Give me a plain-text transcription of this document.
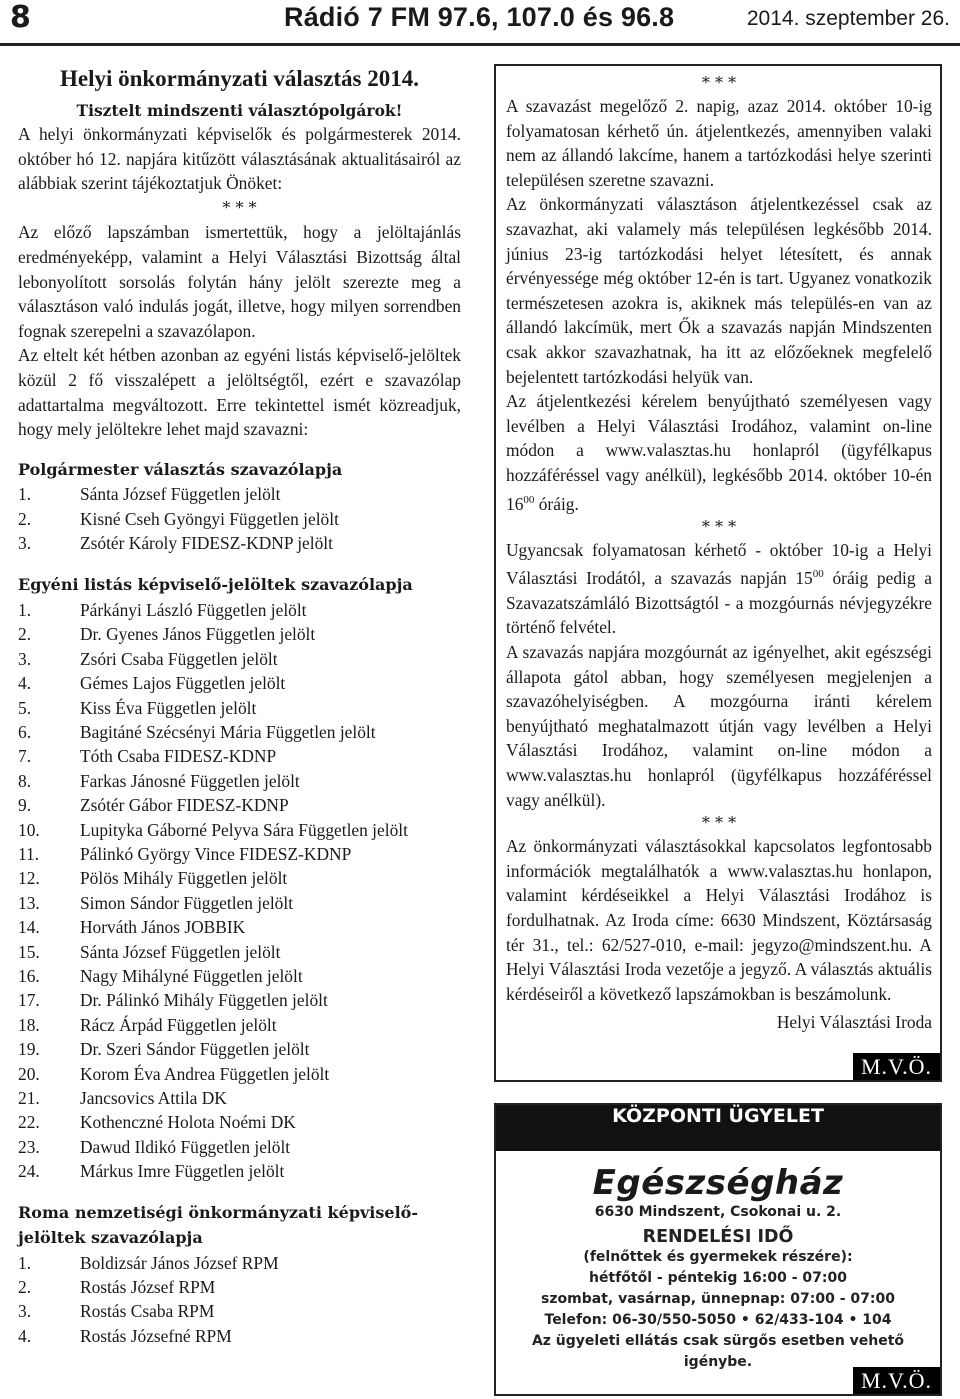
8	Rádió 7 FM 97.6, 107.0 és 96.8	2014. szeptember 26.
Helyi önkormányzati választás 2014.
Tisztelt mindszenti választópolgárok!

A helyi önkormányzati képviselők és polgármesterek 2014. október hó 12. napjára kitűzött választásának aktualitásairól az alábbiak szerint tájékoztatjuk Önöket:

* * *

Az előző lapszámban ismertettük, hogy a jelöltajánlás eredményeképp, valamint a Helyi Választási Bizottság által lebonyolított sorsolás folytán hány jelölt szerezte meg a választáson való indulás jogát, illetve, hogy milyen sorrendben fognak szerepelni a szavazólapon.

Az eltelt két hétben azonban az egyéni listás képviselő-jelöltek közül 2 fő visszalépett a jelöltségtől, ezért e szavazólap adattartalma megváltozott. Erre tekintettel ismét közreadjuk, hogy mely jelöltekre lehet majd szavazni:

Polgármester választás szavazólapja
1.	Sánta József Független jelölt
2.	Kisné Cseh Gyöngyi Független jelölt
3.	Zsótér Károly FIDESZ-KDNP jelölt
Egyéni listás képviselő-jelöltek szavazólapja
1.	Párkányi László Független jelölt
2.	Dr. Gyenes János Független jelölt
3.	Zsóri Csaba Független jelölt
4.	Gémes Lajos Független jelölt
5.	Kiss Éva Független jelölt
6.	Bagitáné Szécsényi Mária Független jelölt
7.	Tóth Csaba FIDESZ-KDNP
8.	Farkas Jánosné Független jelölt
9.	Zsótér Gábor FIDESZ-KDNP
10. Lupityka Gáborné Pelyva Sára Független jelölt
11. Pálinkó György Vince FIDESZ-KDNP
12. Pölös Mihály Független jelölt
13. Simon Sándor Független jelölt
14. Horváth János JOBBIK
15. Sánta József Független jelölt
16. Nagy Mihályné Független jelölt
17. Dr. Pálinkó Mihály Független jelölt
18. Rácz Árpád Független jelölt
19. Dr. Szeri Sándor Független jelölt
20. Korom Éva Andrea Független jelölt
21. Jancsovics Attila DK
22. Kothenczné Holota Noémi DK
23. Dawud Ildikó Független jelölt
24. Márkus Imre Független jelölt
Roma nemzetiségi önkormányzati képviselő-jelöltek szavazólapja
1.	Boldizsár János József RPM
2.	Rostás József RPM
3.	Rostás Csaba RPM
4.	Rostás Józsefné RPM
* * *

A szavazást megelőző 2. napig, azaz 2014. október 10-ig folyamatosan kérhető ún. átjelentkezés, amennyiben valaki nem az állandó lakcíme, hanem a tartózkodási helye szerinti településen szeretne szavazni.

Az önkormányzati választáson átjelentkezéssel csak az szavazhat, aki valamely más településen legkésőbb 2014. június 23-ig tartózkodási helyet létesített, és annak érvényessége még október 12-én is tart. Ugyanez vonatkozik természetesen azokra is, akiknek más település-en van az állandó lakcímük, mert Ők a szavazás napján Mindszenten csak akkor szavazhatnak, ha itt az előzőeknek megfelelő bejelentett tartózkodási helyük van.

Az átjelentkezési kérelem benyújtható személyesen vagy levélben a Helyi Választási Irodához, valamint on-line módon a www.valasztas.hu honlapról (ügyfélkapus hozzáféréssel vagy anélkül), legkésőbb 2014. október 10-én $16^{00}$ óráig.

* * *

Ugyancsak folyamatosan kérhető - október 10-ig a Helyi Választási Irodától, a szavazás napján $15^{00}$ óráig pedig a Szavazatszámláló Bizottságtól - a mozgóurnás névjegyzékre történő felvétel.

A szavazás napjára mozgóurnát az igényelhet, akit egészségi állapota gátol abban, hogy személyesen megjelenjen a szavazóhelyiségben. A mozgóurna iránti kérelem benyújtható meghatalmazott útján vagy levélben a Helyi Választási Irodához, valamint on-line módon a www.valasztas.hu honlapról (ügyfélkapus hozzáféréssel vagy anélkül).

* * *

Az önkormányzati választásokkal kapcsolatos legfontosabb információk megtalálhatók a www.valasztas.hu honlapon, valamint kérdéseikkel a Helyi Választási Irodához is fordulhatnak. Az Iroda címe: 6630 Mindszent, Köztársaság tér 31., tel.: 62/527-010, e-mail: jegyzo@mindszent.hu. A Helyi Választási Iroda vezetője a jegyző. A választás aktuális kérdéseiről a következő lapszámokban is beszámolunk.

Helyi Választási Iroda
M.V.Ö.
KÖZPONTI ÜGYELET
Egészségház
6630 Mindszent, Csokonai u. 2.
RENDELÉSI IDŐ
(felnőttek és gyermekek részére):
hétfőtől - péntekig 16:00 - 07:00
szombat, vasárnap, ünnepnap: 07:00 - 07:00
Telefon: 06-30/550-5050 • 62/433-104 • 104
Az ügyeleti ellátás csak sürgős esetben vehető igénybe.
M.V.Ö.
